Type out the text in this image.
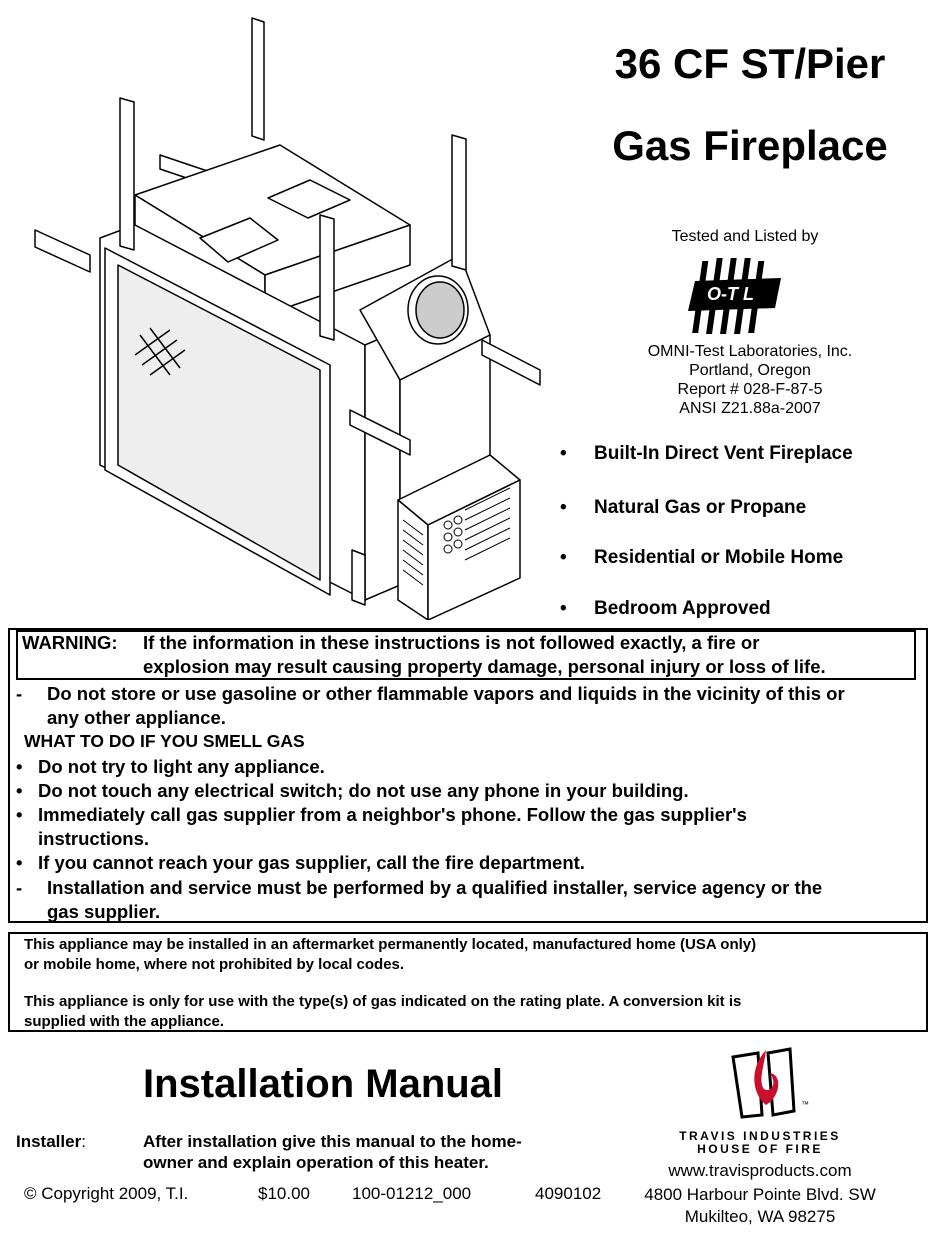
36 CF ST/Pier
Gas Fireplace
Tested and Listed by
O-T L
OMNI-Test Laboratories, Inc.
Portland, Oregon
Report # 028-F-87-5
ANSI Z21.88a-2007
• Built-In Direct Vent Fireplace
• Natural Gas or Propane
• Residential or Mobile Home
• Bedroom Approved
WARNING: If the information in these instructions is not followed exactly, a fire or
explosion may result causing property damage, personal injury or loss of life.
- Do not store or use gasoline or other flammable vapors and liquids in the vicinity of this or
any other appliance.
WHAT TO DO IF YOU SMELL GAS
• Do not try to light any appliance.
• Do not touch any electrical switch; do not use any phone in your building.
• Immediately call gas supplier from a neighbor's phone. Follow the gas supplier's
instructions.
• If you cannot reach your gas supplier, call the fire department.
- Installation and service must be performed by a qualified installer, service agency or the
gas supplier.
This appliance may be installed in an aftermarket permanently located, manufactured home (USA only)
or mobile home, where not prohibited by local codes.
This appliance is only for use with the type(s) of gas indicated on the rating plate. A conversion kit is
supplied with the appliance.
Installation Manual
Installer:	After installation give this manual to the home-
owner and explain operation of this heater.
© Copyright 2009, T.I.	$10.00 100-01212_000	4090102
™
TRAVIS INDUSTRIES
HOUSE OF FIRE
www.travisproducts.com
4800 Harbour Pointe Blvd. SW
Mukilteo, WA 98275
